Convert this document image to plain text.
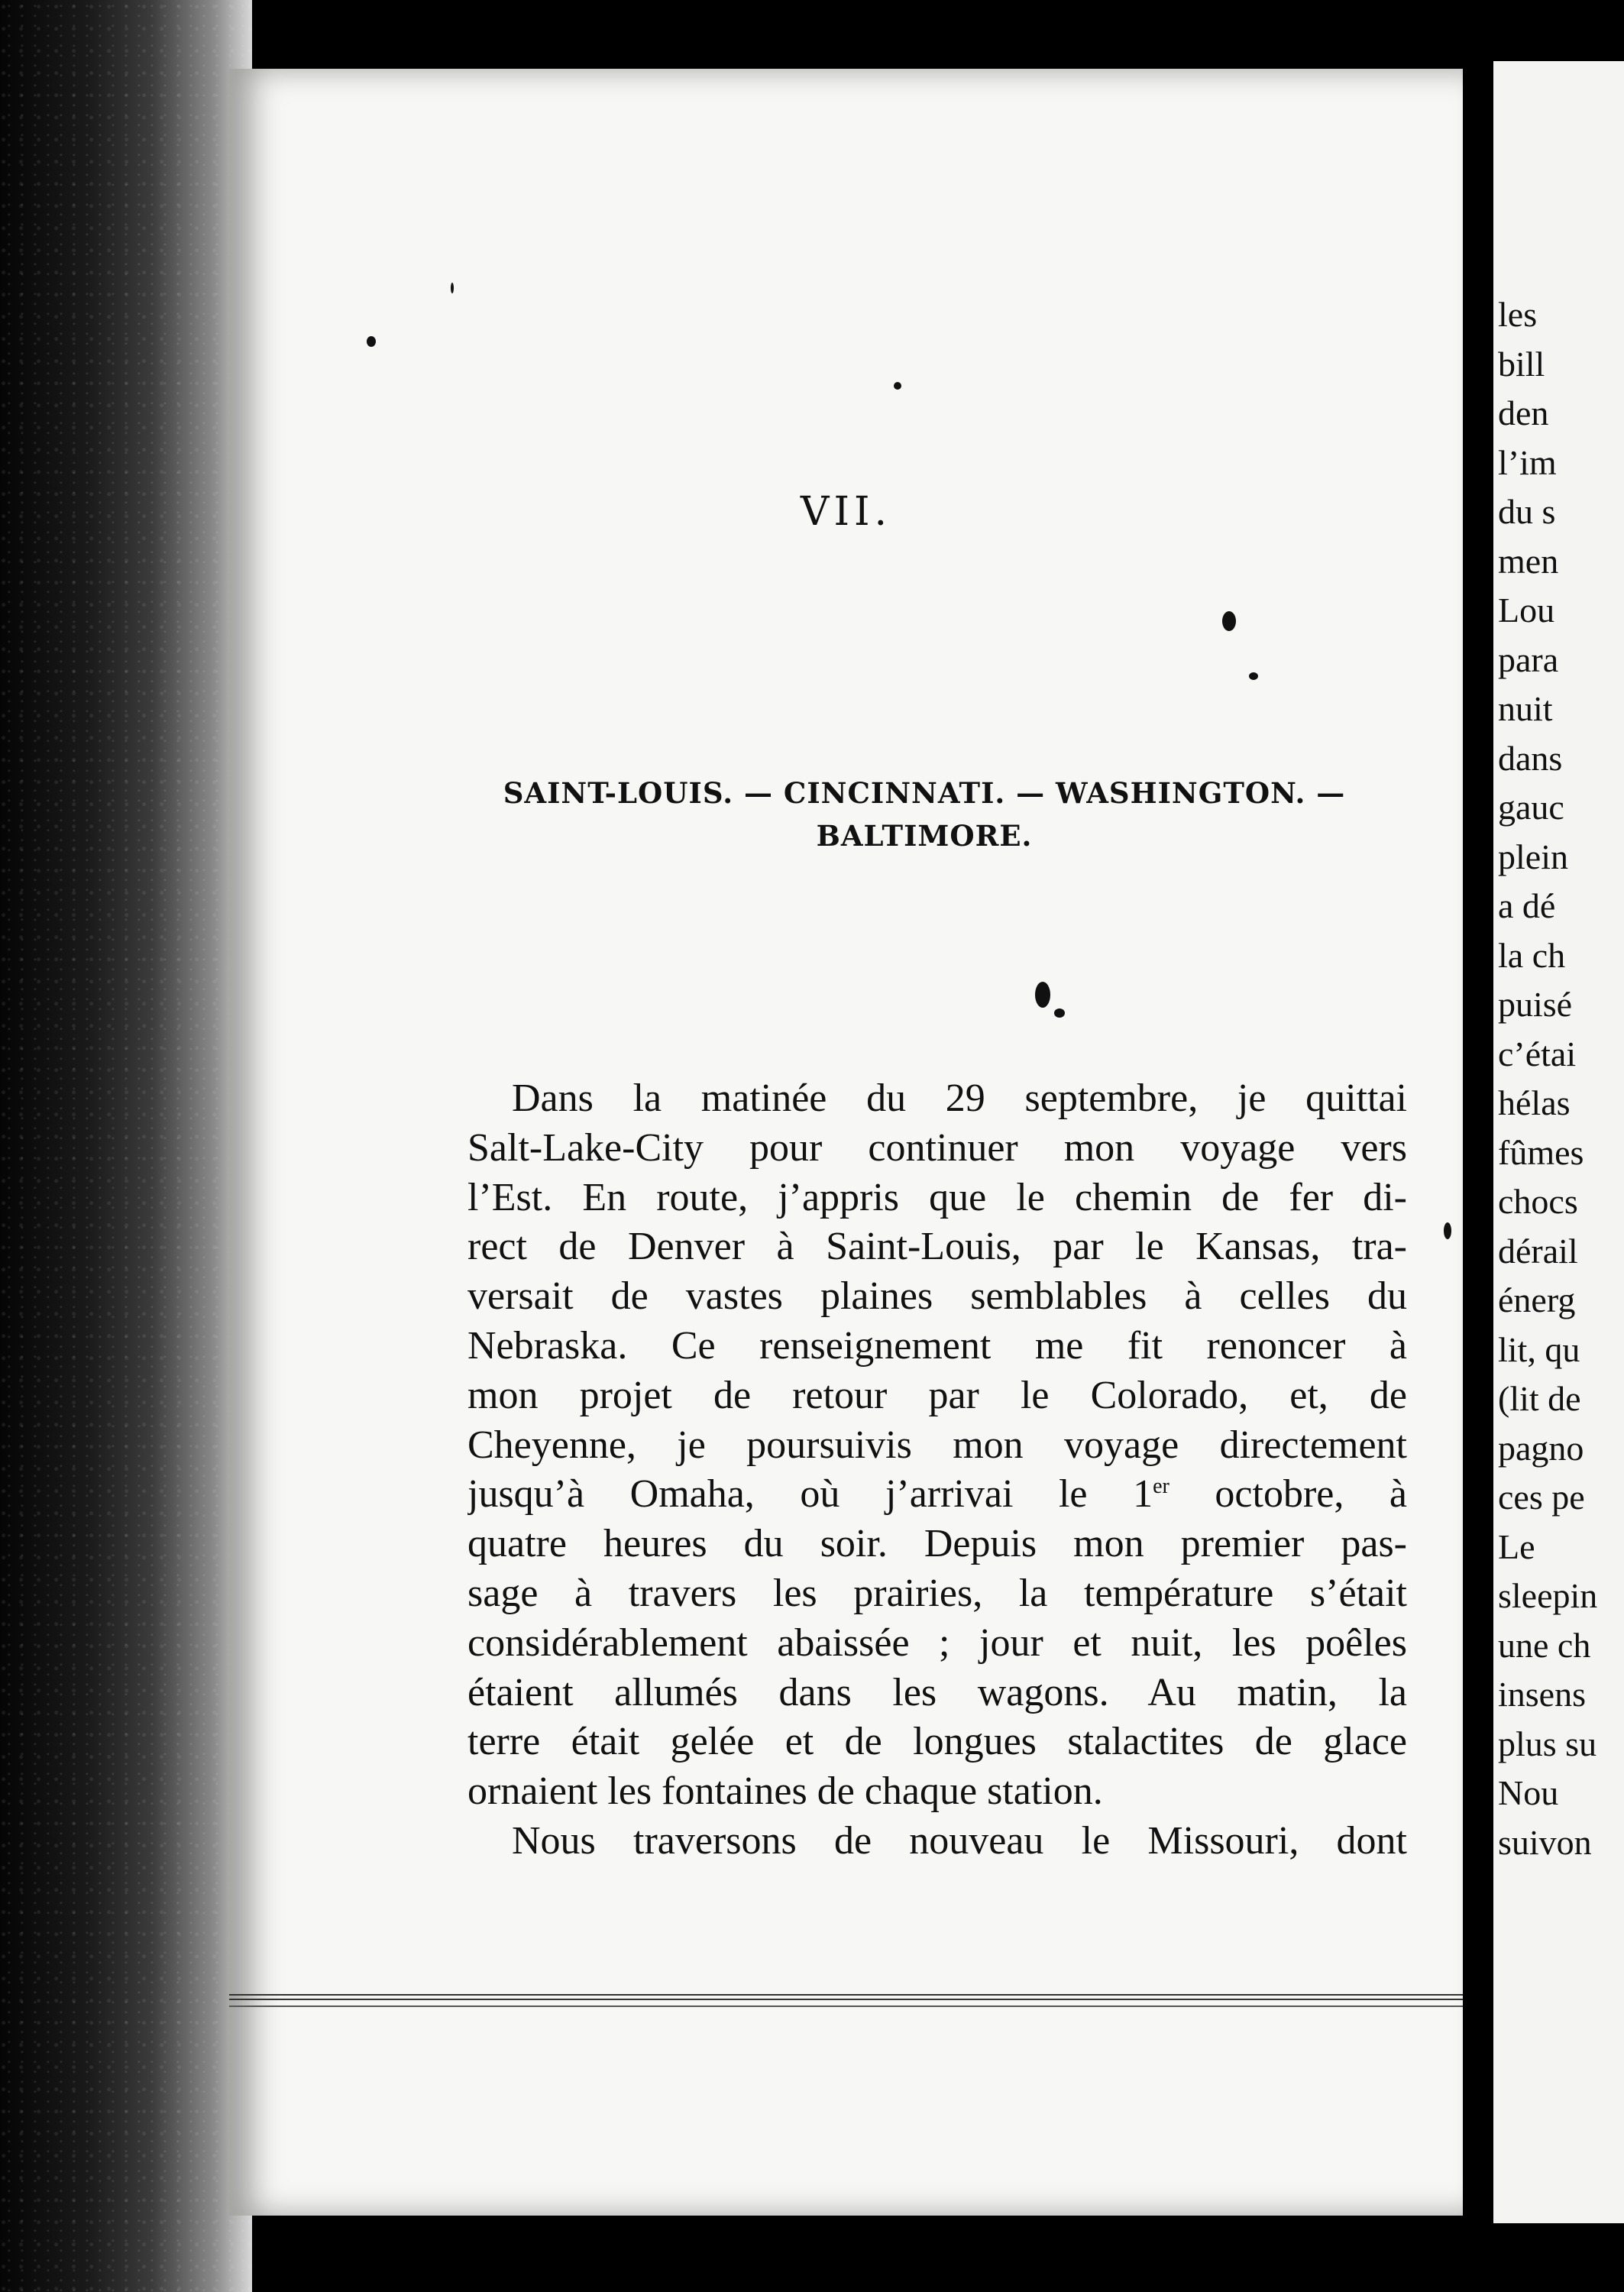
VII.
SAINT-LOUIS. — CINCINNATI. — WASHINGTON. —
BALTIMORE.
Dans la matinée du 29 septembre, je quittai
Salt-Lake-City pour continuer mon voyage vers
l’Est. En route, j’appris que le chemin de fer di-
rect de Denver à Saint-Louis, par le Kansas, tra-
versait de vastes plaines semblables à celles du
Nebraska. Ce renseignement me fit renoncer à
mon projet de retour par le Colorado, et, de
Cheyenne, je poursuivis mon voyage directement
jusqu’à Omaha, où j’arrivai le 1er octobre, à
quatre heures du soir. Depuis mon premier pas-
sage à travers les prairies, la température s’était
considérablement abaissée ; jour et nuit, les poêles
étaient allumés dans les wagons. Au matin, la
terre était gelée et de longues stalactites de glace
ornaient les fontaines de chaque station.
Nous traversons de nouveau le Missouri, dont
les
bill
den
l’im
du s
men
Lou
para
nuit
dans
gauc
plein
a dé
la ch
puisé
c’étai
hélas
fûmes
chocs
dérail
énerg
lit, qu
(lit de
pagno
ces pe
Le
sleepin
une ch
insens
plus su
Nou
suivon
